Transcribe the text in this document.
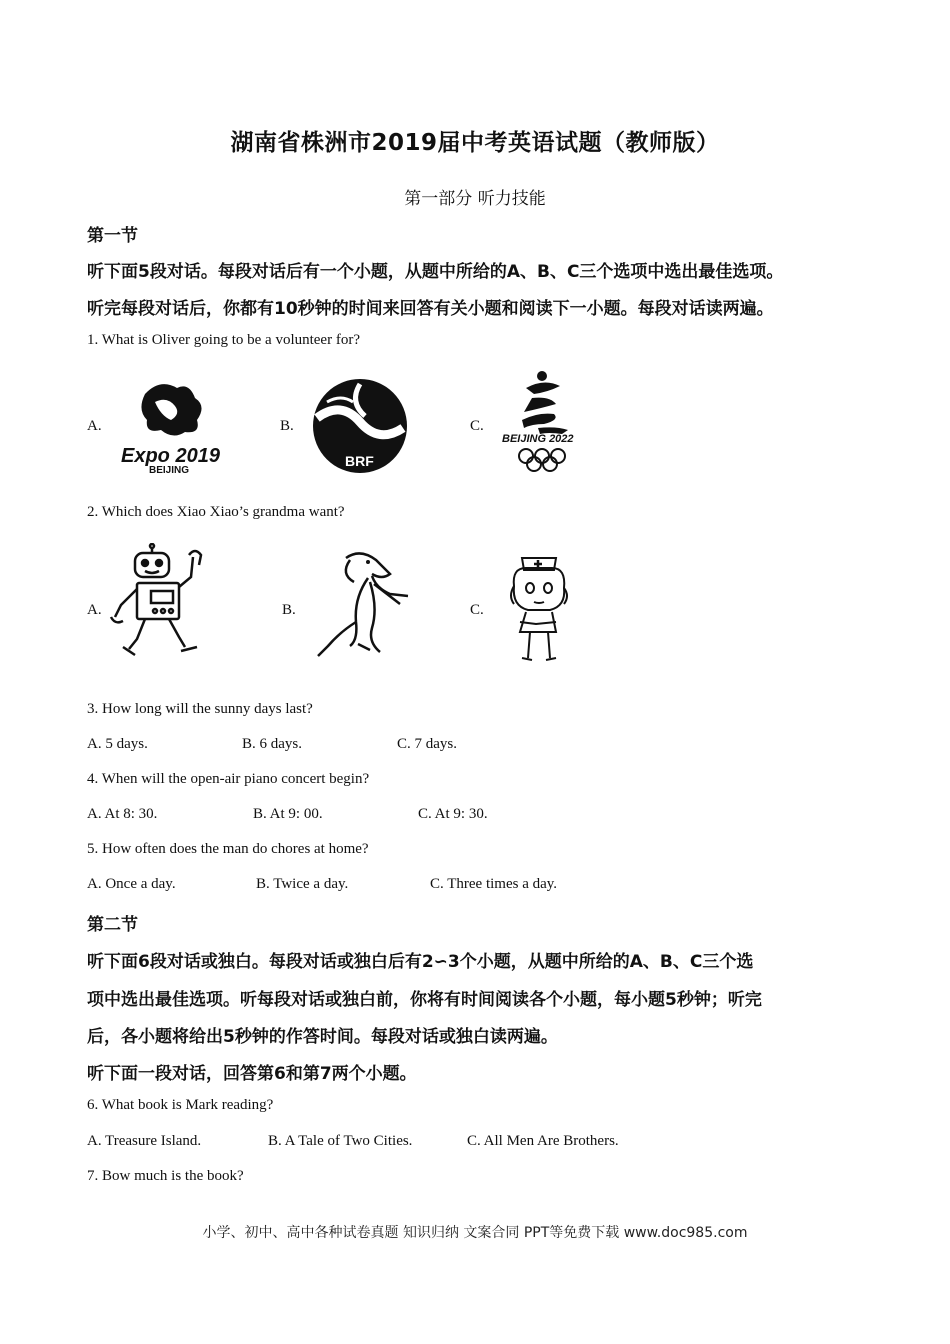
湖南省株洲市2019届中考英语试题（教师版）
第一部分 听力技能
第一节
听下面5段对话。每段对话后有一个小题，从题中所给的A、B、C三个选项中选出最佳选项。
听完每段对话后，你都有10秒钟的时间来回答有关小题和阅读下一小题。每段对话读两遍。
1. What is Oliver going to be a volunteer for?
A.	B.	C.
Expo 2019
BEIJING
BRF
BEIJING 2022
2. Which does Xiao Xiao’s grandma want?
A.	B.	C.
3. How long will the sunny days last?
A. 5 days.	B. 6 days.	C. 7 days.
4. When will the open-air piano concert begin?
A. At 8: 30.	B. At 9: 00.	C. At 9: 30.
5. How often does the man do chores at home?
A. Once a day.	B. Twice a day.	C. Three times a day.
第二节
听下面6段对话或独白。每段对话或独白后有2∽3个小题，从题中所给的A、B、C三个选
项中选出最佳选项。听每段对话或独白前，你将有时间阅读各个小题，每小题5秒钟；听完
后，各小题将给出5秒钟的作答时间。每段对话或独白读两遍。
听下面一段对话，回答第6和第7两个小题。
6. What book is Mark reading?
A. Treasure Island.	B. A Tale of Two Cities.	C. All Men Are Brothers.
7. Bow much is the book?
小学、初中、高中各种试卷真题 知识归纳 文案合同 PPT等免费下载 www.doc985.com
